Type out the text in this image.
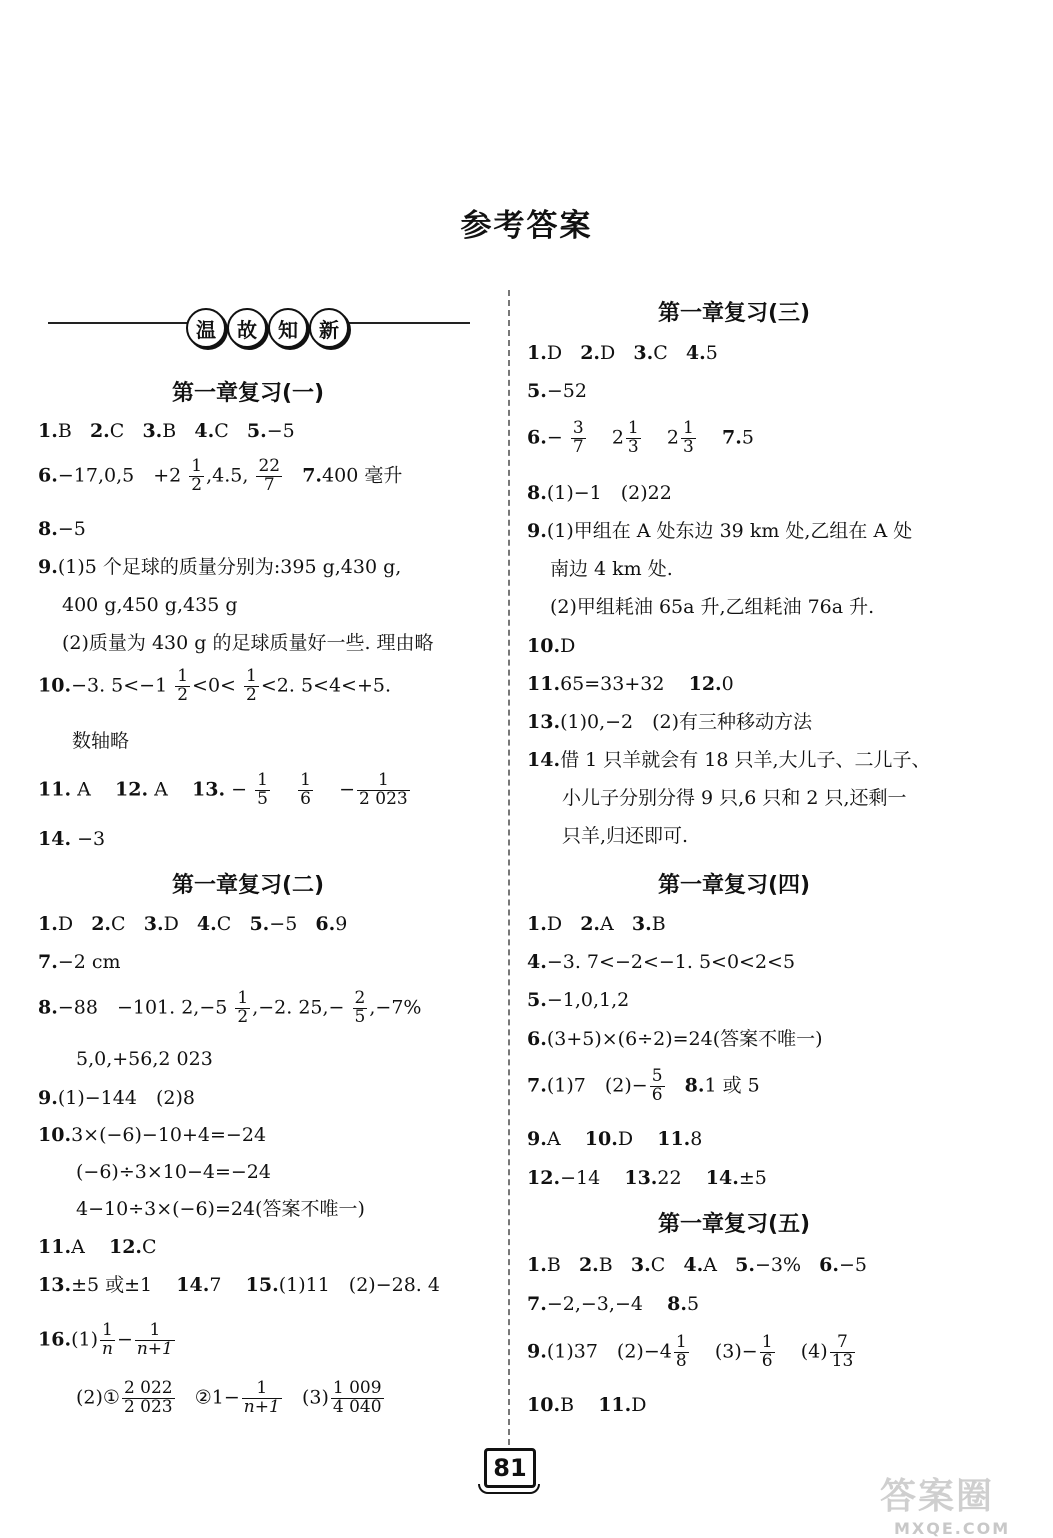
参考答案
温	故	知	新
第一章复习(一)
1.B 2.C 3.B 4.C 5.−5
6.−17,0,5　$+2 \frac{1}{2} ,4.5$, $\frac{22}{7} 7.400$ 毫升
8.−5
9.(1)5 个足球的质量分别为:395 g,430 g,
400 g,450 g,435 g
(2)质量为 430 g 的足球质量好一些. 理由略
10.−3. $5<-1 \frac{1}{2} <0< \frac{1}{2} <2$. 5<4<+5.
数轴略
11. A 12. A 13. − $\frac{1}{5}$
$\frac{1}{6} - \frac{1}{2 023}$
14. −3
第一章复习(二)
1.D 2.C 3.D 4.C 5.−5 6.9
7.−2 cm
8.−88　−101. $2,-5 \frac{1}{2} ,-2$. $25,- \frac{2}{5} ,-7\%$
5,0,+56,2 023
9.(1)−144　(2)8
10.3×(−6)−10+4=−24
(−6)÷3×10−4=−24
4−10÷3×(−6)=24(答案不唯一)
11.A 12.C
13.±5 或±1 14.7 15.(1)11　(2)−28. 4
$16.(1) \frac{1}{n} - \frac{1}{n+1}$
(2)① $\frac{2 022}{2 023}$ ②1− $\frac{1}{n+1} (3) \frac{1 009}{4 040}$
第一章复习(三)
1.D 2.D 3.C 4.5
5.−52
$6.- \frac{3}{7} 2 \frac{1}{3} 2 \frac{1}{3} 7.5$
8.(1)−1　(2)22
9.(1)甲组在 A 处东边 39 km 处,乙组在 A 处
南边 4 km 处.
(2)甲组耗油 65a 升,乙组耗油 76a 升.
10.D
11.65=33+32 12.0
13.(1)0,−2　(2)有三种移动方法
14.借 1 只羊就会有 18 只羊,大儿子、二儿子、
小儿子分别分得 9 只,6 只和 2 只,还剩一
只羊,归还即可.
第一章复习(四)
1.D 2.A 3.B
4.−3. 7<−2<−1. 5<0<2<5
5.−1,0,1,2
6.(3+5)×(6÷2)=24(答案不唯一)
7.(1)7　$(2)- \frac{5}{6} 8.1$ 或 5
9.A 10.D 11.8
12.−14 13.22 14.±5
第一章复习(五)
1.B 2.B 3.C 4.A 5.−3% 6.−5
7.−2,−3,−4 8.5
9.(1)37　$(2)-4 \frac{1}{8} (3)- \frac{1}{6} (4) \frac{7}{13}$
10.B 11.D
81
答案圈
MXQE.COM
